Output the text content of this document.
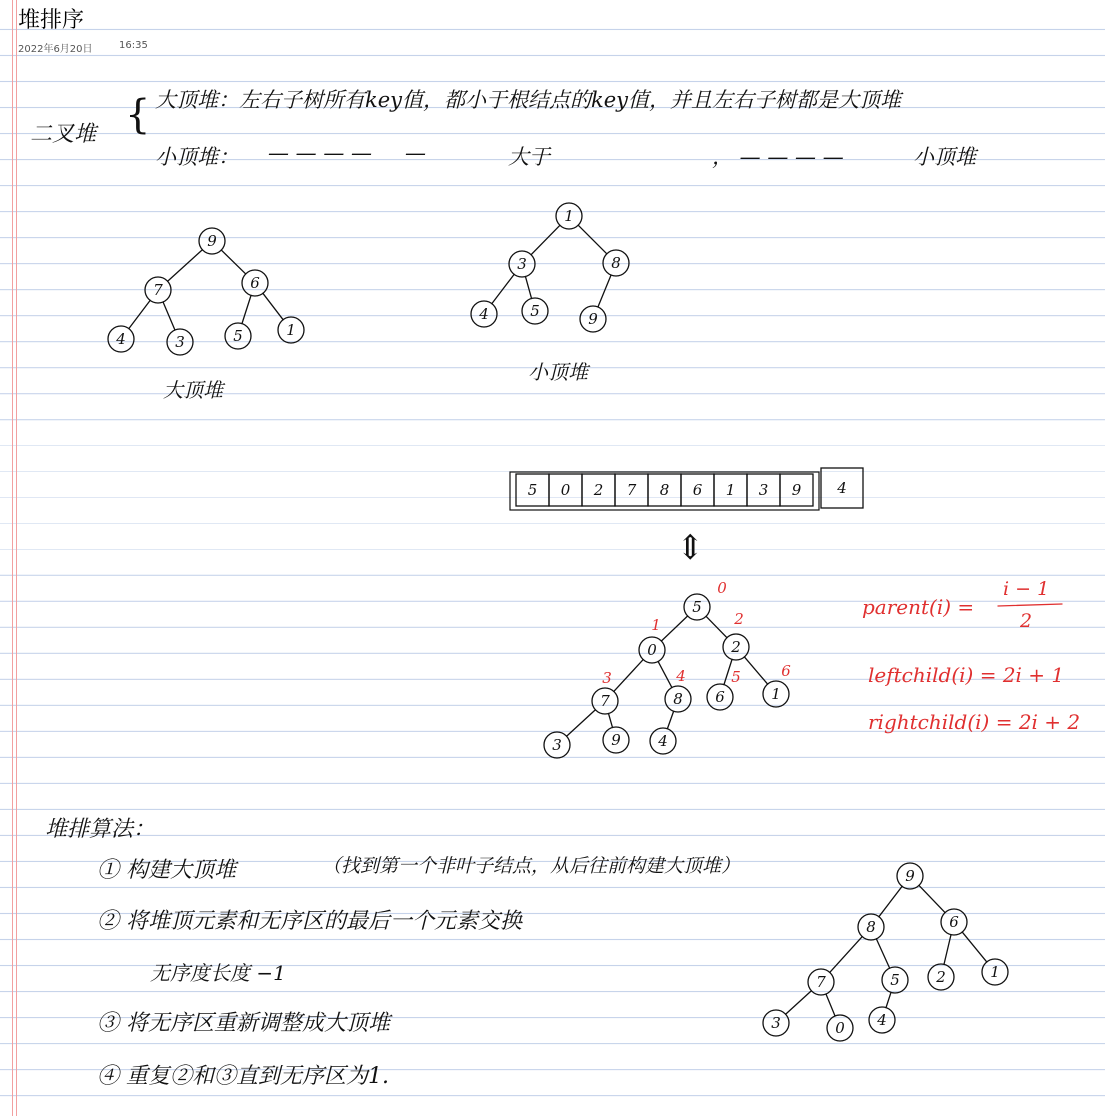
堆排序
2022年6月20日	16:35
二叉堆 { 大顶堆：左右子树所有key值，都小于根结点的key值，并且左右子树都是大顶堆
小顶堆： — — — — —	大于	， — — — —	小顶堆
大顶堆
小顶堆
⇕
parent(i) =
i − 1
2
leftchild(i) = 2i + 1
rightchild(i) = 2i + 2
堆排算法：
① 构建大顶堆	（找到第一个非叶子结点，从后往前构建大顶堆）
② 将堆顶元素和无序区的最后一个元素交换
无序度长度 −1
③ 将无序区重新调整成大顶堆
④ 重复②和③直到无序区为1.
9
7	6
4	3	5	1
1
3	8
4	5	9
5 0 2 7 8 6 1 3 9 4
5
0	2
7	8 6	1
3	9 4
0
1	2
3	4	5	6
9
8	6
7	5 2	1
3	0 4
